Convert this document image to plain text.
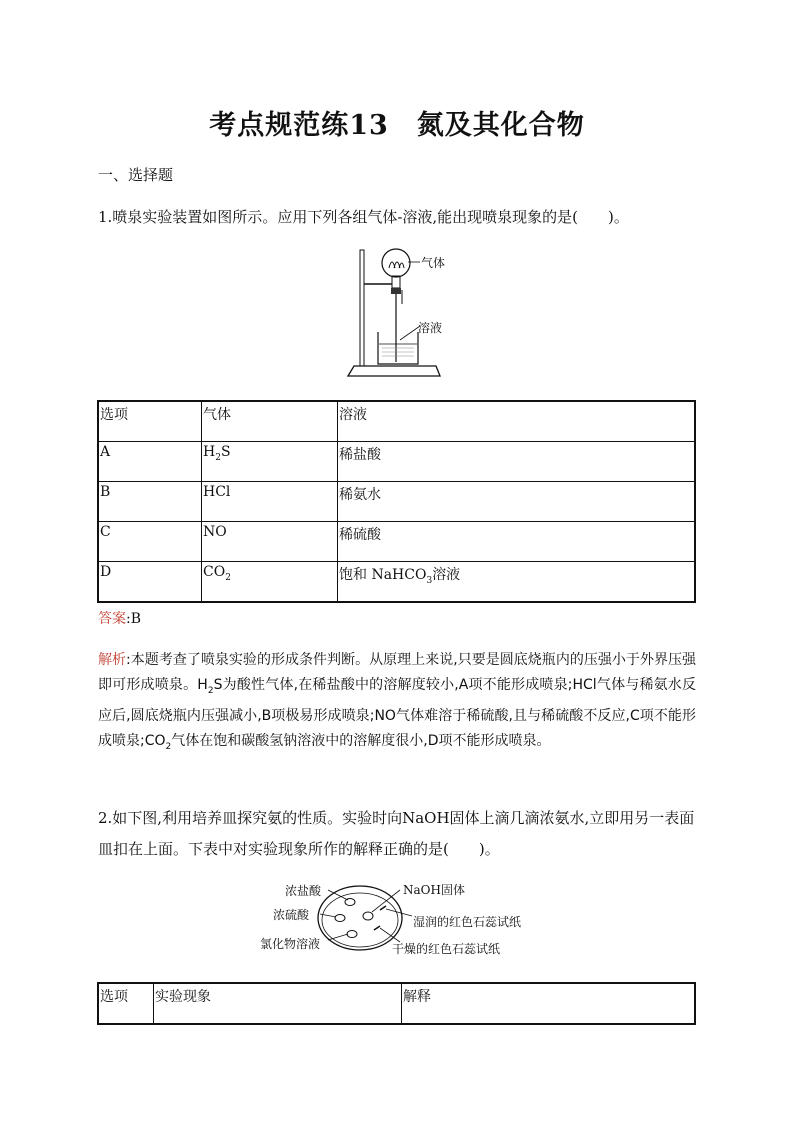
考点规范练13　氮及其化合物
一、选择题
1.喷泉实验装置如图所示。应用下列各组气体-溶液,能出现喷泉现象的是(　　)。
气体
溶液
选项	气体	溶液
A	$H_2S$	稀盐酸
B	HCl	稀氨水
C	NO	稀硫酸
D	$CO_2$	饱和 NaHCO$_3$溶液
答案:B

解析:本题考查了喷泉实验的形成条件判断。从原理上来说,只要是圆底烧瓶内的压强小于外界压强即可形成喷泉。$H_2S$为酸性气体,在稀盐酸中的溶解度较小,A项不能形成喷泉;HCl气体与稀氨水反应后,圆底烧瓶内压强减小,B项极易形成喷泉;NO气体难溶于稀硫酸,且与稀硫酸不反应,C项不能形成喷泉$;CO_2$气体在饱和碳酸氢钠溶液中的溶解度很小,D项不能形成喷泉。

2.如下图,利用培养皿探究氨的性质。实验时向NaOH固体上滴几滴浓氨水,立即用另一表面皿扣在上面。下表中对实验现象所作的解释正确的是(　　)。

浓盐酸
浓硫酸
氯化物溶液
NaOH固体
湿润的红色石蕊试纸
干燥的红色石蕊试纸
选项	实验现象	解释
